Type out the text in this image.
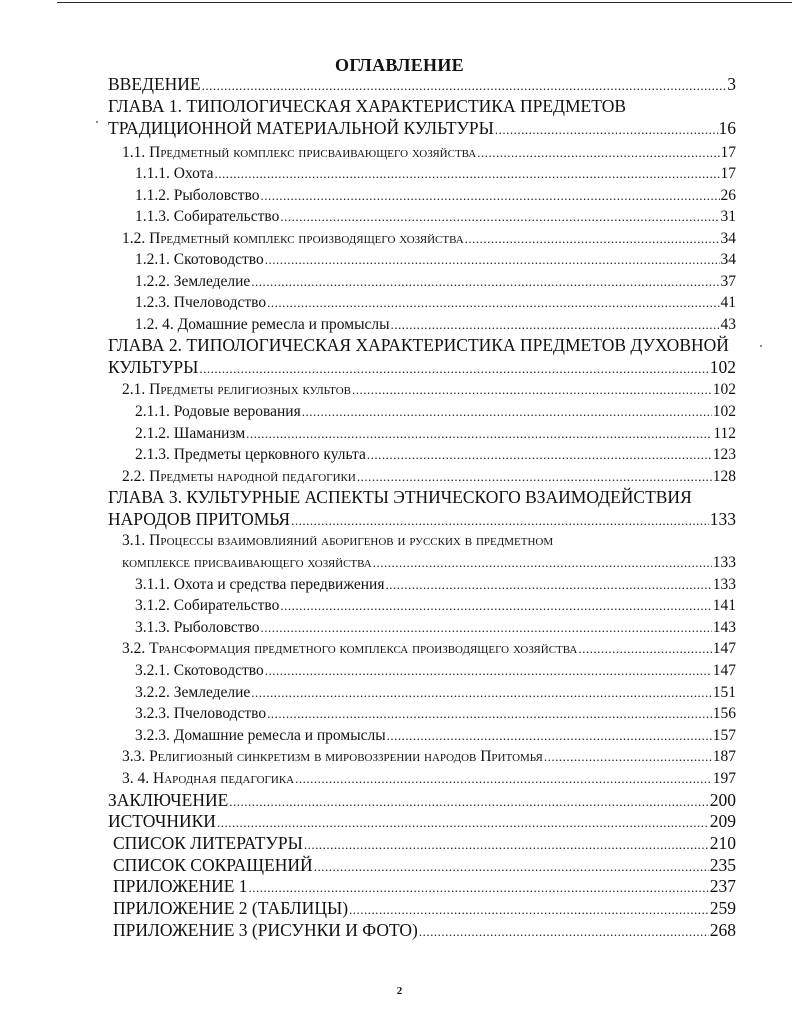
ОГЛАВЛЕНИЕ
ВВЕДЕНИЕ .....	3
ГЛАВА 1. ТИПОЛОГИЧЕСКАЯ ХАРАКТЕРИСТИКА ПРЕДМЕТОВ
ТРАДИЦИОННОЙ МАТЕРИАЛЬНОЙ КУЛЬТУРЫ .....	16
1.1. Предметный комплекс присваивающего хозяйства .....	17
1.1.1. Охота .....	17
1.1.2. Рыболовство .....	26
1.1.3. Собирательство .....	31
1.2. Предметный комплекс производящего хозяйства .....	34
1.2.1. Скотоводство .....	34
1.2.2. Земледелие .....	37
1.2.3. Пчеловодство .....	41
1.2. 4. Домашние ремесла и промыслы .....	43
ГЛАВА 2. ТИПОЛОГИЧЕСКАЯ ХАРАКТЕРИСТИКА ПРЕДМЕТОВ ДУХОВНОЙ
КУЛЬТУРЫ .....	102
2.1. Предметы религиозных культов .....	102
2.1.1. Родовые верования .....	102
2.1.2. Шаманизм .....	112
2.1.3. Предметы церковного культа .....	123
2.2. Предметы народной педагогики .....	128
ГЛАВА 3. КУЛЬТУРНЫЕ АСПЕКТЫ ЭТНИЧЕСКОГО ВЗАИМОДЕЙСТВИЯ
НАРОДОВ ПРИТОМЬЯ .....	133
3.1. Процессы взаимовлияний аборигенов и русских в предметном
комплексе присваивающего хозяйства .....	133
3.1.1. Охота и средства передвижения .....	133
3.1.2. Собирательство .....	141
3.1.3. Рыболовство .....	143
3.2. Трансформация предметного комплекса производящего хозяйства .....	147
3.2.1. Скотоводство .....	147
3.2.2. Земледелие .....	151
3.2.3. Пчеловодство .....	156
3.2.3. Домашние ремесла и промыслы .....	157
3.3. Религиозный синкретизм в мировоззрении народов Притомья .....	187
3. 4. Народная педагогика .....	197
ЗАКЛЮЧЕНИЕ .....	200
ИСТОЧНИКИ .....	209
СПИСОК ЛИТЕРАТУРЫ .....	210
СПИСОК СОКРАЩЕНИЙ .....	235
ПРИЛОЖЕНИЕ 1 .....	237
ПРИЛОЖЕНИЕ 2 (ТАБЛИЦЫ) .....	259
ПРИЛОЖЕНИЕ 3 (РИСУНКИ И ФОТО) .....	268
2
